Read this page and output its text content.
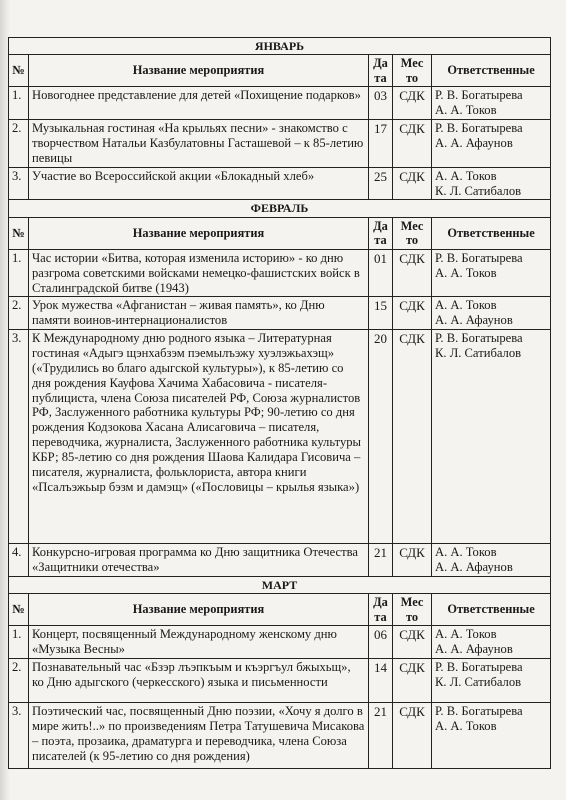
ЯНВАРЬ				
№	Название мероприятия	Да та	Мес то	Ответственные
1.	Новогоднее представление для детей «Похищение подарков»	03	СДК	Р. В. Богатырева
А. А. Токов

2.	Музыкальная гостиная «На крыльях песни» - знакомство с творчеством Натальи Казбулатовны Гасташевой – к 85-летию певицы	17	СДК	Р. В. Богатырева
А. А. Афаунов

3.	Участие во Всероссийской акции «Блокадный хлеб»	25	СДК	А. А. Токов
К. Л. Сатибалов

ФЕВРАЛЬ				
№	Название мероприятия	Да та	Мес то	Ответственные
1.	Час истории «Битва, которая изменила историю» - ко дню разгрома советскими войсками немецко-фашистских войск в Сталинградской битве (1943)	01	СДК	Р. В. Богатырева
А. А. Токов

2.	Урок мужества «Афганистан – живая память», ко Дню памяти воинов-интернационалистов	15	СДК	А. А. Токов
А. А. Афаунов

3.	К Международному дню родного языка – Литературная гостиная «Адыгэ щэнхабзэм пэемылъэжу хуэлэжьахэщ» («Трудились во благо адыгской культуры»), к 85-летию со дня рождения Кауфова Хачима Хабасовича - писателя-публициста, члена Союза писателей РФ, Союза журналистов РФ, Заслуженного работника культуры РФ; 90-летию со дня рождения Кодзокова Хасана Алисаговича – писателя, переводчика, журналиста, Заслуженного работника культуры КБР; 85-летию со дня рождения Шаова Калидара Гисовича – писателя, журналиста, фольклориста, автора книги «Псалъэжьыр бэзм и дамэщ» («Пословицы – крылья языка»)	20	СДК	Р. В. Богатырева
К. Л. Сатибалов

4.	Конкурсно-игровая программа ко Дню защитника Отечества «Защитники отечества»	21	СДК	А. А. Токов
А. А. Афаунов

МАРТ				
№	Название мероприятия	Да та	Мес то	Ответственные
1.	Концерт, посвященный Международному женскому дню «Музыка Весны»	06	СДК	А. А. Токов
А. А. Афаунов

2.	Познавательный час «Бзэр лъэпкъым и къэргъул бжыхьщ», ко Дню адыгского (черкесского) языка и письменности	14	СДК	Р. В. Богатырева
К. Л. Сатибалов

3.	Поэтический час, посвященный Дню поэзии, «Хочу я долго в мире жить!..» по произведениям Петра Татушевича Мисакова – поэта, прозаика, драматурга и переводчика, члена Союза писателей (к 95-летию со дня рождения)	21	СДК	Р. В. Богатырева
А. А. Токов
